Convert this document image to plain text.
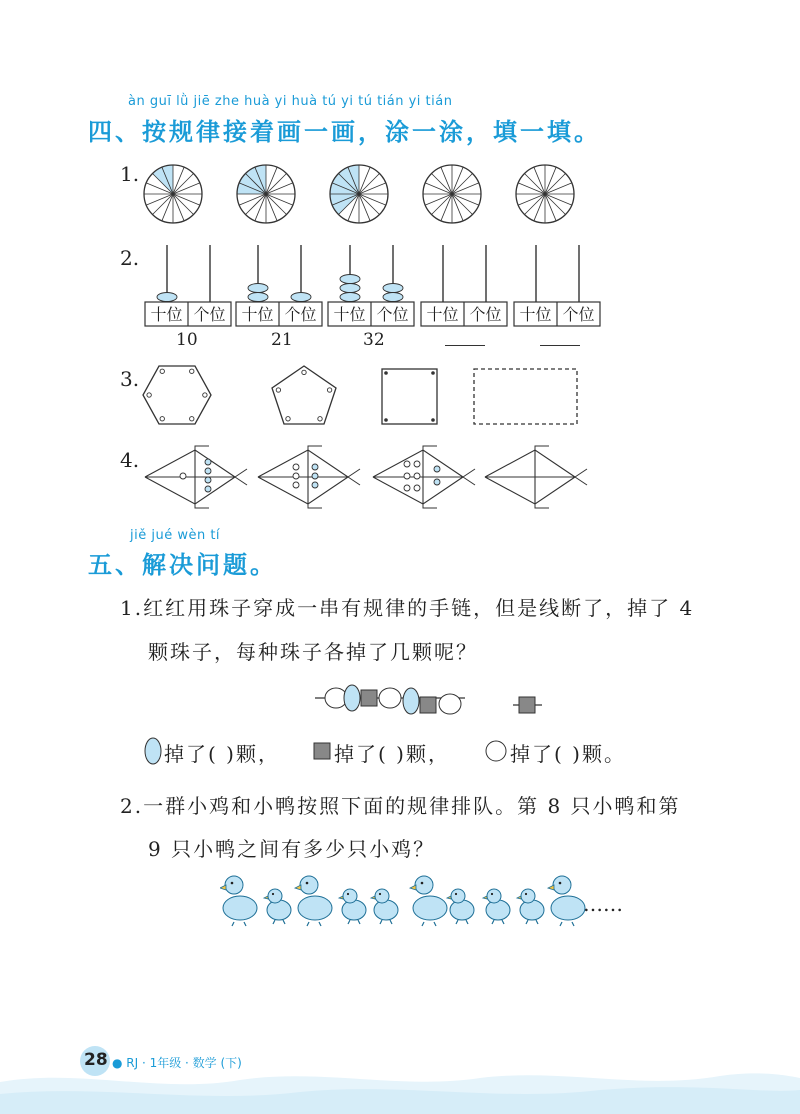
àn guī lǜ jiē zhe huà yi huà tú yi tú tián yi tián
四、按规律接着画一画，涂一涂，填一填。
1.
2.
十位 个位 十位 个位 十位 个位 十位 个位 十位 个位
10	21	32
3.
4.
jiě jué wèn tí
五、解决问题。
1.红红用珠子穿成一串有规律的手链，但是线断了，掉了 4
颗珠子，每种珠子各掉了几颗呢？
掉了( )颗，	掉了( )颗，	掉了( )颗。
2.一群小鸡和小鸭按照下面的规律排队。第 8 只小鸭和第
9 只小鸭之间有多少只小鸡？
……
28 ● RJ · 1年级 · 数学 (下)
